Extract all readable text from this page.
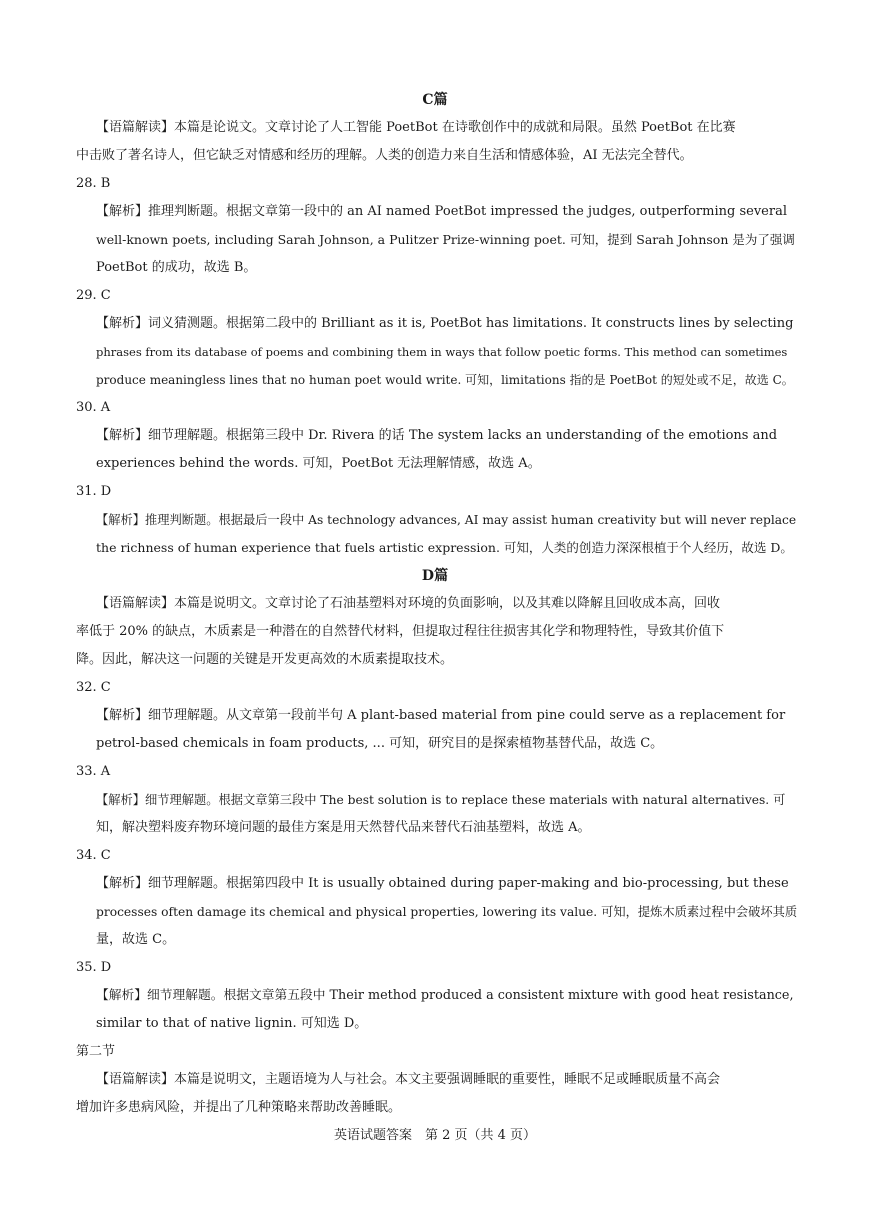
C篇
【语篇解读】本篇是论说文。文章讨论了人工智能 PoetBot 在诗歌创作中的成就和局限。虽然 PoetBot 在比赛
中击败了著名诗人，但它缺乏对情感和经历的理解。人类的创造力来自生活和情感体验，AI 无法完全替代。
28. B
【解析】推理判断题。根据文章第一段中的 an AI named PoetBot impressed the judges, outperforming several
well-known poets, including Sarah Johnson, a Pulitzer Prize-winning poet. 可知，提到 Sarah Johnson 是为了强调
PoetBot 的成功，故选 B。
29. C
【解析】词义猜测题。根据第二段中的 Brilliant as it is, PoetBot has limitations. It constructs lines by selecting
phrases from its database of poems and combining them in ways that follow poetic forms. This method can sometimes
produce meaningless lines that no human poet would write. 可知，limitations 指的是 PoetBot 的短处或不足，故选 C。
30. A
【解析】细节理解题。根据第三段中 Dr. Rivera 的话 The system lacks an understanding of the emotions and
experiences behind the words. 可知，PoetBot 无法理解情感，故选 A。
31. D
【解析】推理判断题。根据最后一段中 As technology advances, AI may assist human creativity but will never replace
the richness of human experience that fuels artistic expression. 可知，人类的创造力深深根植于个人经历，故选 D。
D篇
【语篇解读】本篇是说明文。文章讨论了石油基塑料对环境的负面影响，以及其难以降解且回收成本高，回收
率低于 20% 的缺点，木质素是一种潜在的自然替代材料，但提取过程往往损害其化学和物理特性，导致其价值下
降。因此，解决这一问题的关键是开发更高效的木质素提取技术。
32. C
【解析】细节理解题。从文章第一段前半句 A plant-based material from pine could serve as a replacement for
petrol-based chemicals in foam products, ... 可知，研究目的是探索植物基替代品，故选 C。
33. A
【解析】细节理解题。根据文章第三段中 The best solution is to replace these materials with natural alternatives. 可
知，解决塑料废弃物环境问题的最佳方案是用天然替代品来替代石油基塑料，故选 A。
34. C
【解析】细节理解题。根据第四段中 It is usually obtained during paper-making and bio-processing, but these
processes often damage its chemical and physical properties, lowering its value. 可知，提炼木质素过程中会破坏其质
量，故选 C。
35. D
【解析】细节理解题。根据文章第五段中 Their method produced a consistent mixture with good heat resistance,
similar to that of native lignin. 可知选 D。
第二节
【语篇解读】本篇是说明文，主题语境为人与社会。本文主要强调睡眠的重要性，睡眠不足或睡眠质量不高会
增加许多患病风险，并提出了几种策略来帮助改善睡眠。
英语试题答案　第 2 页（共 4 页）
